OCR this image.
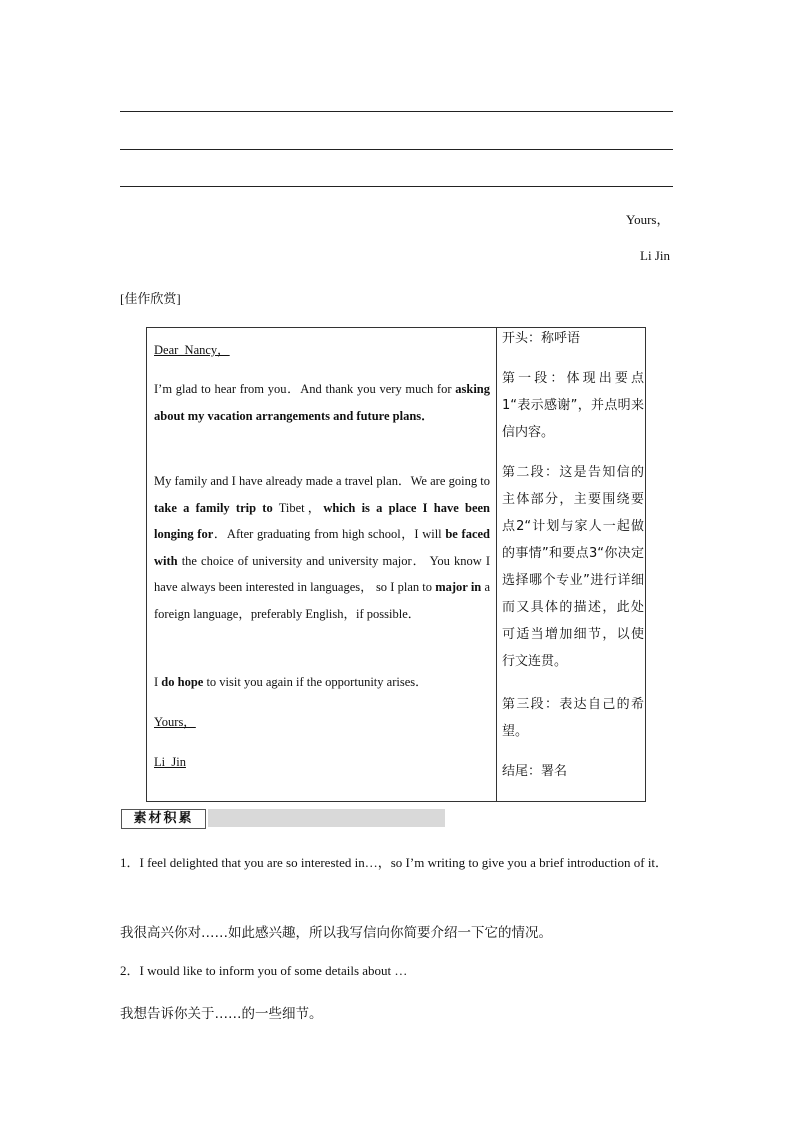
Yours，
Li Jin
[佳作欣赏]
Dear_Nancy，
I’m glad to hear from you．And thank you very much for asking about my vacation arrangements and future plans．
My family and I have already made a travel plan．We are going to take a family trip to Tibet，which is a place I have been longing for．After graduating from high school，I will be faced with the choice of university and university major． You know I have always been interested in languages， so I plan to major in a foreign language，preferably English，if possible．
I do hope to visit you again if the opportunity arises．
Yours，
Li_Jin
开头：称呼语
第一段：体现出要点1“表示感谢”，并点明来信内容。
第二段：这是告知信的主体部分，主要围绕要点2“计划与家人一起做的事情”和要点3“你决定选择哪个专业”进行详细而又具体的描述，此处可适当增加细节，以使行文连贯。
第三段：表达自己的希望。
结尾：署名
素材积累
1．I feel delighted that you are so interested in…，so I’m writing to give you a brief introduction of it．
我很高兴你对……如此感兴趣，所以我写信向你简要介绍一下它的情况。
2．I would like to inform you of some details about …
我想告诉你关于……的一些细节。
